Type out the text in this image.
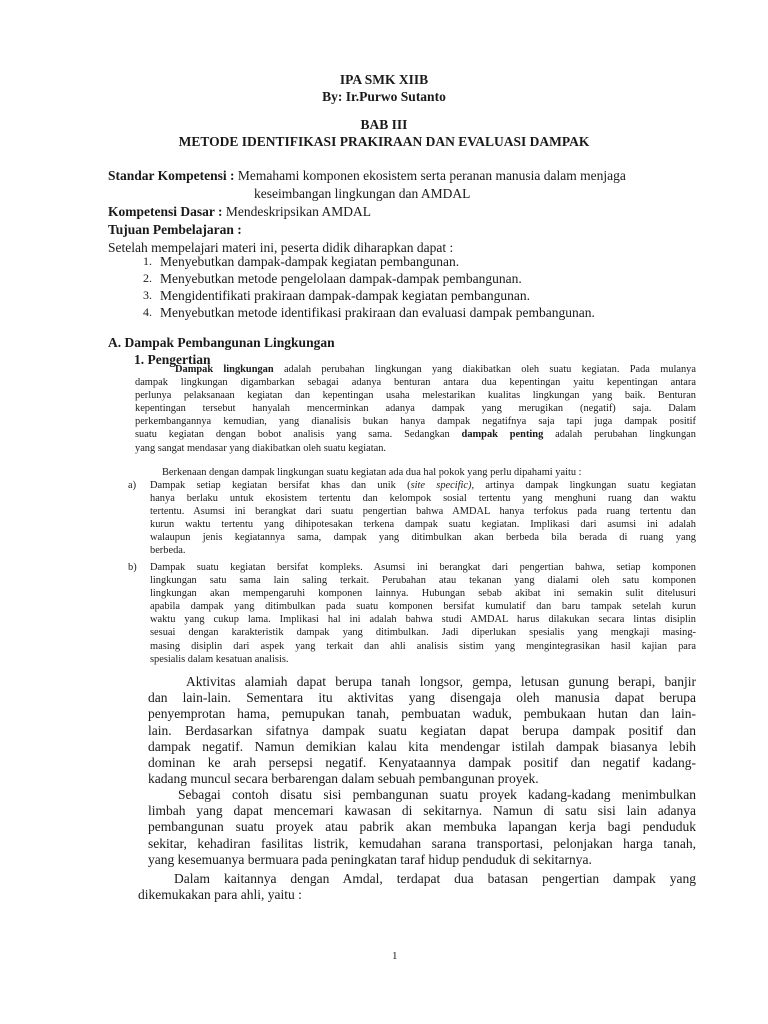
IPA SMK XIIB
By: Ir.Purwo Sutanto
BAB III
METODE IDENTIFIKASI PRAKIRAAN DAN EVALUASI DAMPAK
Standar Kompetensi : Memahami komponen ekosistem serta peranan manusia dalam menjaga
keseimbangan lingkungan dan AMDAL
Kompetensi Dasar : Mendeskripsikan AMDAL
Tujuan Pembelajaran :
Setelah mempelajari materi ini, peserta didik diharapkan dapat :
1. Menyebutkan dampak-dampak kegiatan pembangunan.
2. Menyebutkan metode pengelolaan dampak-dampak pembangunan.
3. Mengidentifikati prakiraan dampak-dampak kegiatan pembangunan.
4. Menyebutkan metode identifikasi prakiraan dan evaluasi dampak pembangunan.
A. Dampak Pembangunan Lingkungan
1. Pengertian
Dampak lingkungan adalah perubahan lingkungan yang diakibatkan oleh suatu kegiatan. Pada mulanya
dampak lingkungan digambarkan sebagai adanya benturan antara dua kepentingan yaitu kepentingan antara
perlunya pelaksanaan kegiatan dan kepentingan usaha melestarikan kualitas lingkungan yang baik. Benturan
kepentingan tersebut hanyalah mencerminkan adanya dampak yang merugikan (negatif) saja. Dalam
perkembangannya kemudian, yang dianalisis bukan hanya dampak negatifnya saja tapi juga dampak positif
suatu kegiatan dengan bobot analisis yang sama. Sedangkan dampak penting adalah perubahan lingkungan
yang sangat mendasar yang diakibatkan oleh suatu kegiatan.
Berkenaan dengan dampak lingkungan suatu kegiatan ada dua hal pokok yang perlu dipahami yaitu :
a) Dampak setiap kegiatan bersifat khas dan unik (site specific), artinya dampak lingkungan suatu kegiatan
hanya berlaku untuk ekosistem tertentu dan kelompok sosial tertentu yang menghuni ruang dan waktu
tertentu. Asumsi ini berangkat dari suatu pengertian bahwa AMDAL hanya terfokus pada ruang tertentu dan
kurun waktu tertentu yang dihipotesakan terkena dampak suatu kegiatan. Implikasi dari asumsi ini adalah
walaupun jenis kegiatannya sama, dampak yang ditimbulkan akan berbeda bila berada di ruang yang
berbeda.
b) Dampak suatu kegiatan bersifat kompleks. Asumsi ini berangkat dari pengertian bahwa, setiap komponen
lingkungan satu sama lain saling terkait. Perubahan atau tekanan yang dialami oleh satu komponen
lingkungan akan mempengaruhi komponen lainnya. Hubungan sebab akibat ini semakin sulit ditelusuri
apabila dampak yang ditimbulkan pada suatu komponen bersifat kumulatif dan baru tampak setelah kurun
waktu yang cukup lama. Implikasi hal ini adalah bahwa studi AMDAL harus dilakukan secara lintas disiplin
sesuai dengan karakteristik dampak yang ditimbulkan. Jadi diperlukan spesialis yang mengkaji masing-
masing disiplin dari aspek yang terkait dan ahli analisis sistim yang mengintegrasikan hasil kajian para
spesialis dalam kesatuan analisis.
Aktivitas alamiah dapat berupa tanah longsor, gempa, letusan gunung berapi, banjir
dan lain-lain. Sementara itu aktivitas yang disengaja oleh manusia dapat berupa
penyemprotan hama, pemupukan tanah, pembuatan waduk, pembukaan hutan dan lain-
lain. Berdasarkan sifatnya dampak suatu kegiatan dapat berupa dampak positif dan
dampak negatif. Namun demikian kalau kita mendengar istilah dampak biasanya lebih
dominan ke arah persepsi negatif. Kenyataannya dampak positif dan negatif kadang-
kadang muncul secara berbarengan dalam sebuah pembangunan proyek.
Sebagai contoh disatu sisi pembangunan suatu proyek kadang-kadang menimbulkan
limbah yang dapat mencemari kawasan di sekitarnya. Namun di satu sisi lain adanya
pembangunan suatu proyek atau pabrik akan membuka lapangan kerja bagi penduduk
sekitar, kehadiran fasilitas listrik, kemudahan sarana transportasi, pelonjakan harga tanah,
yang kesemuanya bermuara pada peningkatan taraf hidup penduduk di sekitarnya.
Dalam kaitannya dengan Amdal, terdapat dua batasan pengertian dampak yang
dikemukakan para ahli, yaitu :
1
